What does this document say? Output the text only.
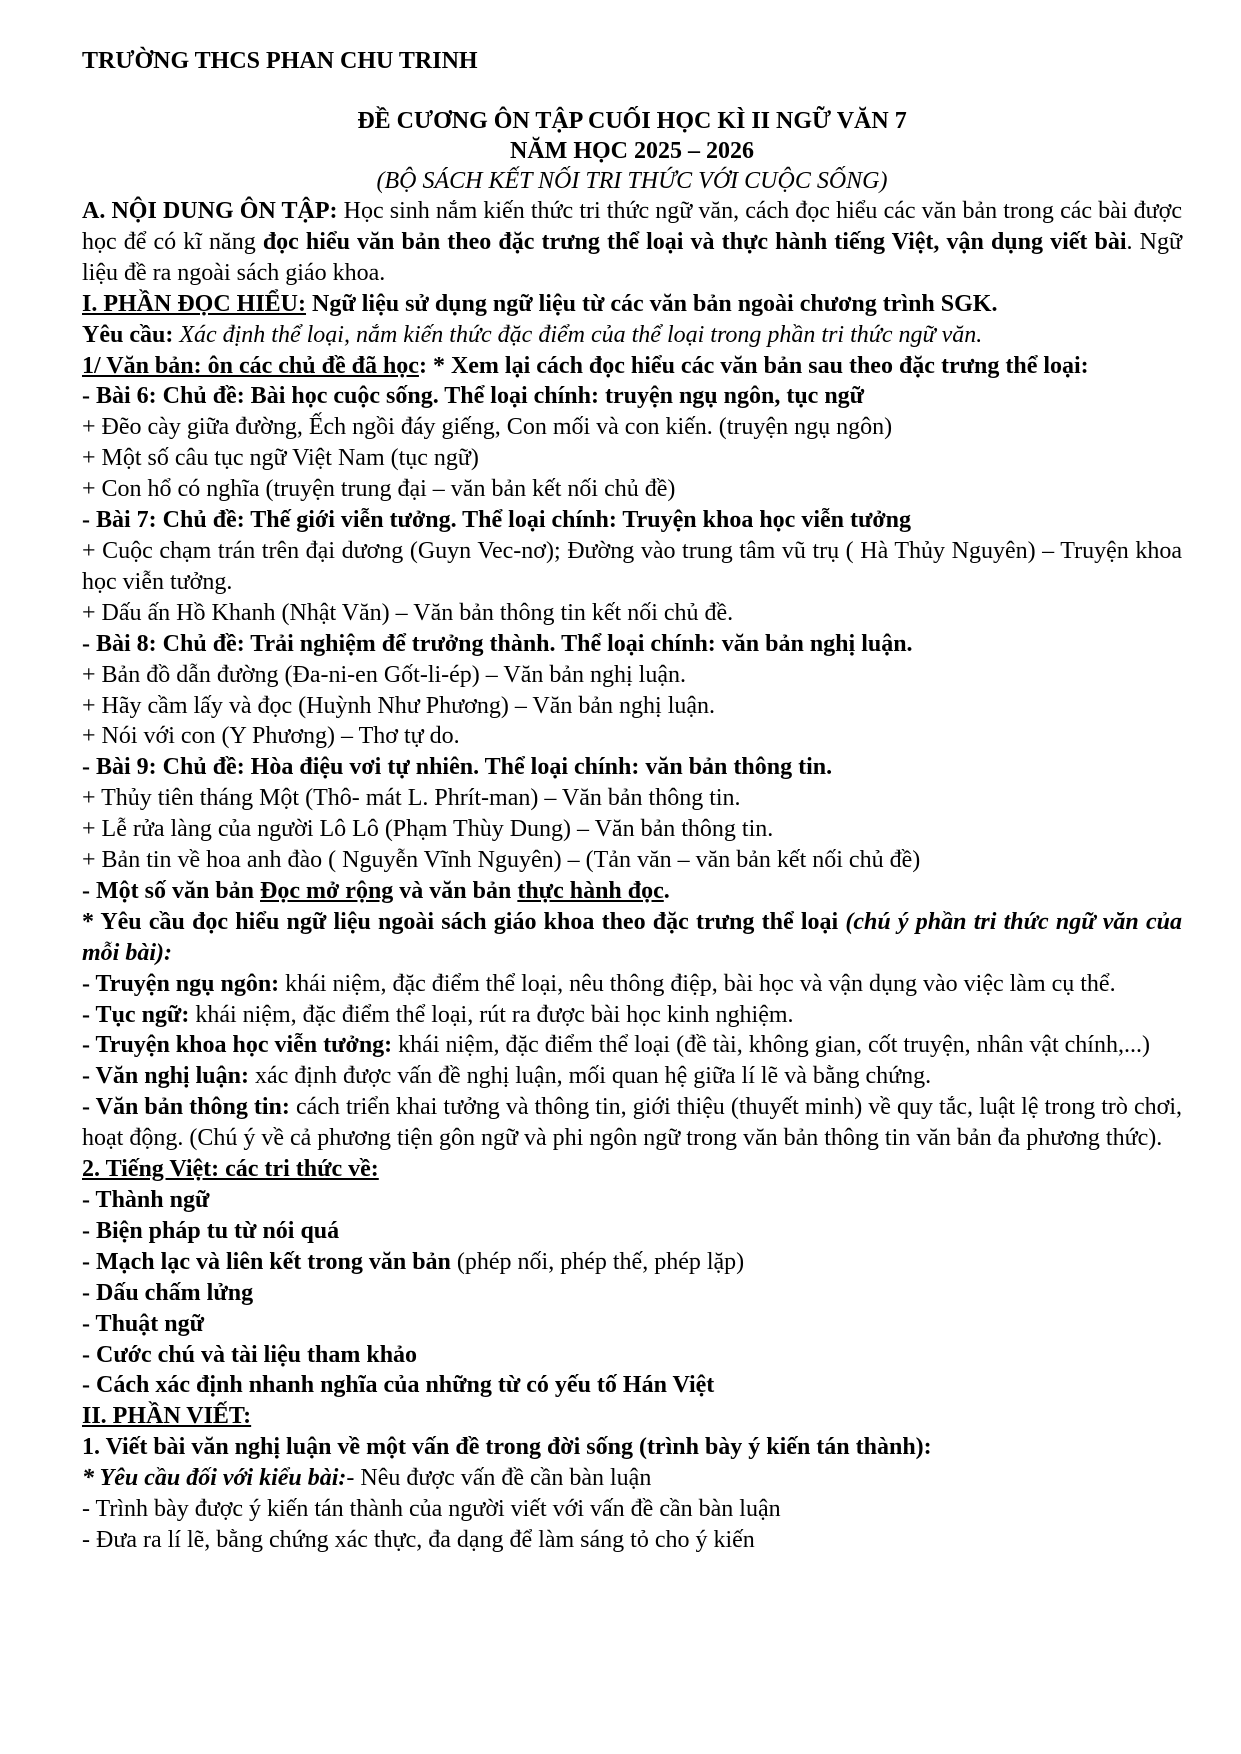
TRƯỜNG THCS PHAN CHU TRINH
ĐỀ CƯƠNG ÔN TẬP CUỐI HỌC KÌ II NGỮ VĂN 7
NĂM HỌC 2025 – 2026
(BỘ SÁCH KẾT NỐI TRI THỨC VỚI CUỘC SỐNG)
A. NỘI DUNG ÔN TẬP: Học sinh nắm kiến thức tri thức ngữ văn, cách đọc hiểu các văn bản trong các bài được học để có kĩ năng đọc hiểu văn bản theo đặc trưng thể loại và thực hành tiếng Việt, vận dụng viết bài. Ngữ liệu đề ra ngoài sách giáo khoa.
I. PHẦN ĐỌC HIỂU: Ngữ liệu sử dụng ngữ liệu từ các văn bản ngoài chương trình SGK.
Yêu cầu: Xác định thể loại, nắm kiến thức đặc điểm của thể loại trong phần tri thức ngữ văn.
1/ Văn bản: ôn các chủ đề đã học: * Xem lại cách đọc hiểu các văn bản sau theo đặc trưng thể loại:
- Bài 6: Chủ đề: Bài học cuộc sống. Thể loại chính: truyện ngụ ngôn, tục ngữ
+ Đẽo cày giữa đường, Ếch ngồi đáy giếng, Con mối và con kiến. (truyện ngụ ngôn)
+ Một số câu tục ngữ Việt Nam (tục ngữ)
+ Con hổ có nghĩa (truyện trung đại – văn bản kết nối chủ đề)
- Bài 7: Chủ đề: Thế giới viễn tưởng. Thể loại chính: Truyện khoa học viễn tưởng
+ Cuộc chạm trán trên đại dương (Guyn Vec-nơ); Đường vào trung tâm vũ trụ ( Hà Thủy Nguyên) – Truyện khoa học viễn tưởng.
+ Dấu ấn Hồ Khanh (Nhật Văn) – Văn bản thông tin kết nối chủ đề.
- Bài 8: Chủ đề: Trải nghiệm để trưởng thành. Thể loại chính: văn bản nghị luận.
+ Bản đồ dẫn đường (Đa-ni-en Gốt-li-ép) – Văn bản nghị luận.
+ Hãy cầm lấy và đọc (Huỳnh Như Phương) – Văn bản nghị luận.
+ Nói với con (Y Phương) – Thơ tự do.
- Bài 9: Chủ đề: Hòa điệu vơi tự nhiên. Thể loại chính: văn bản thông tin.
+ Thủy tiên tháng Một (Thô- mát L. Phrít-man) – Văn bản thông tin.
+ Lễ rửa làng của người Lô Lô (Phạm Thùy Dung) – Văn bản thông tin.
+ Bản tin về hoa anh đào ( Nguyễn Vĩnh Nguyên) – (Tản văn – văn bản kết nối chủ đề)
- Một số văn bản Đọc mở rộng và văn bản thực hành đọc.
* Yêu cầu đọc hiểu ngữ liệu ngoài sách giáo khoa theo đặc trưng thể loại (chú ý phần tri thức ngữ văn của mỗi bài):
- Truyện ngụ ngôn: khái niệm, đặc điểm thể loại, nêu thông điệp, bài học và vận dụng vào việc làm cụ thể.
- Tục ngữ: khái niệm, đặc điểm thể loại, rút ra được bài học kinh nghiệm.
- Truyện khoa học viễn tưởng: khái niệm, đặc điểm thể loại (đề tài, không gian, cốt truyện, nhân vật chính,...)
- Văn nghị luận: xác định được vấn đề nghị luận, mối quan hệ giữa lí lẽ và bằng chứng.
- Văn bản thông tin: cách triển khai tưởng và thông tin, giới thiệu (thuyết minh) về quy tắc, luật lệ trong trò chơi, hoạt động. (Chú ý về cả phương tiện gôn ngữ và phi ngôn ngữ trong văn bản thông tin văn bản đa phương thức).
2. Tiếng Việt: các tri thức về:
- Thành ngữ
- Biện pháp tu từ nói quá
- Mạch lạc và liên kết trong văn bản (phép nối, phép thế, phép lặp)
- Dấu chấm lửng
- Thuật ngữ
- Cước chú và tài liệu tham khảo
- Cách xác định nhanh nghĩa của những từ có yếu tố Hán Việt
II. PHẦN VIẾT:
1. Viết bài văn nghị luận về một vấn đề trong đời sống (trình bày ý kiến tán thành):
* Yêu cầu đối với kiểu bài:- Nêu được vấn đề cần bàn luận
- Trình bày được ý kiến tán thành của người viết với vấn đề cần bàn luận
- Đưa ra lí lẽ, bằng chứng xác thực, đa dạng để làm sáng tỏ cho ý kiến
